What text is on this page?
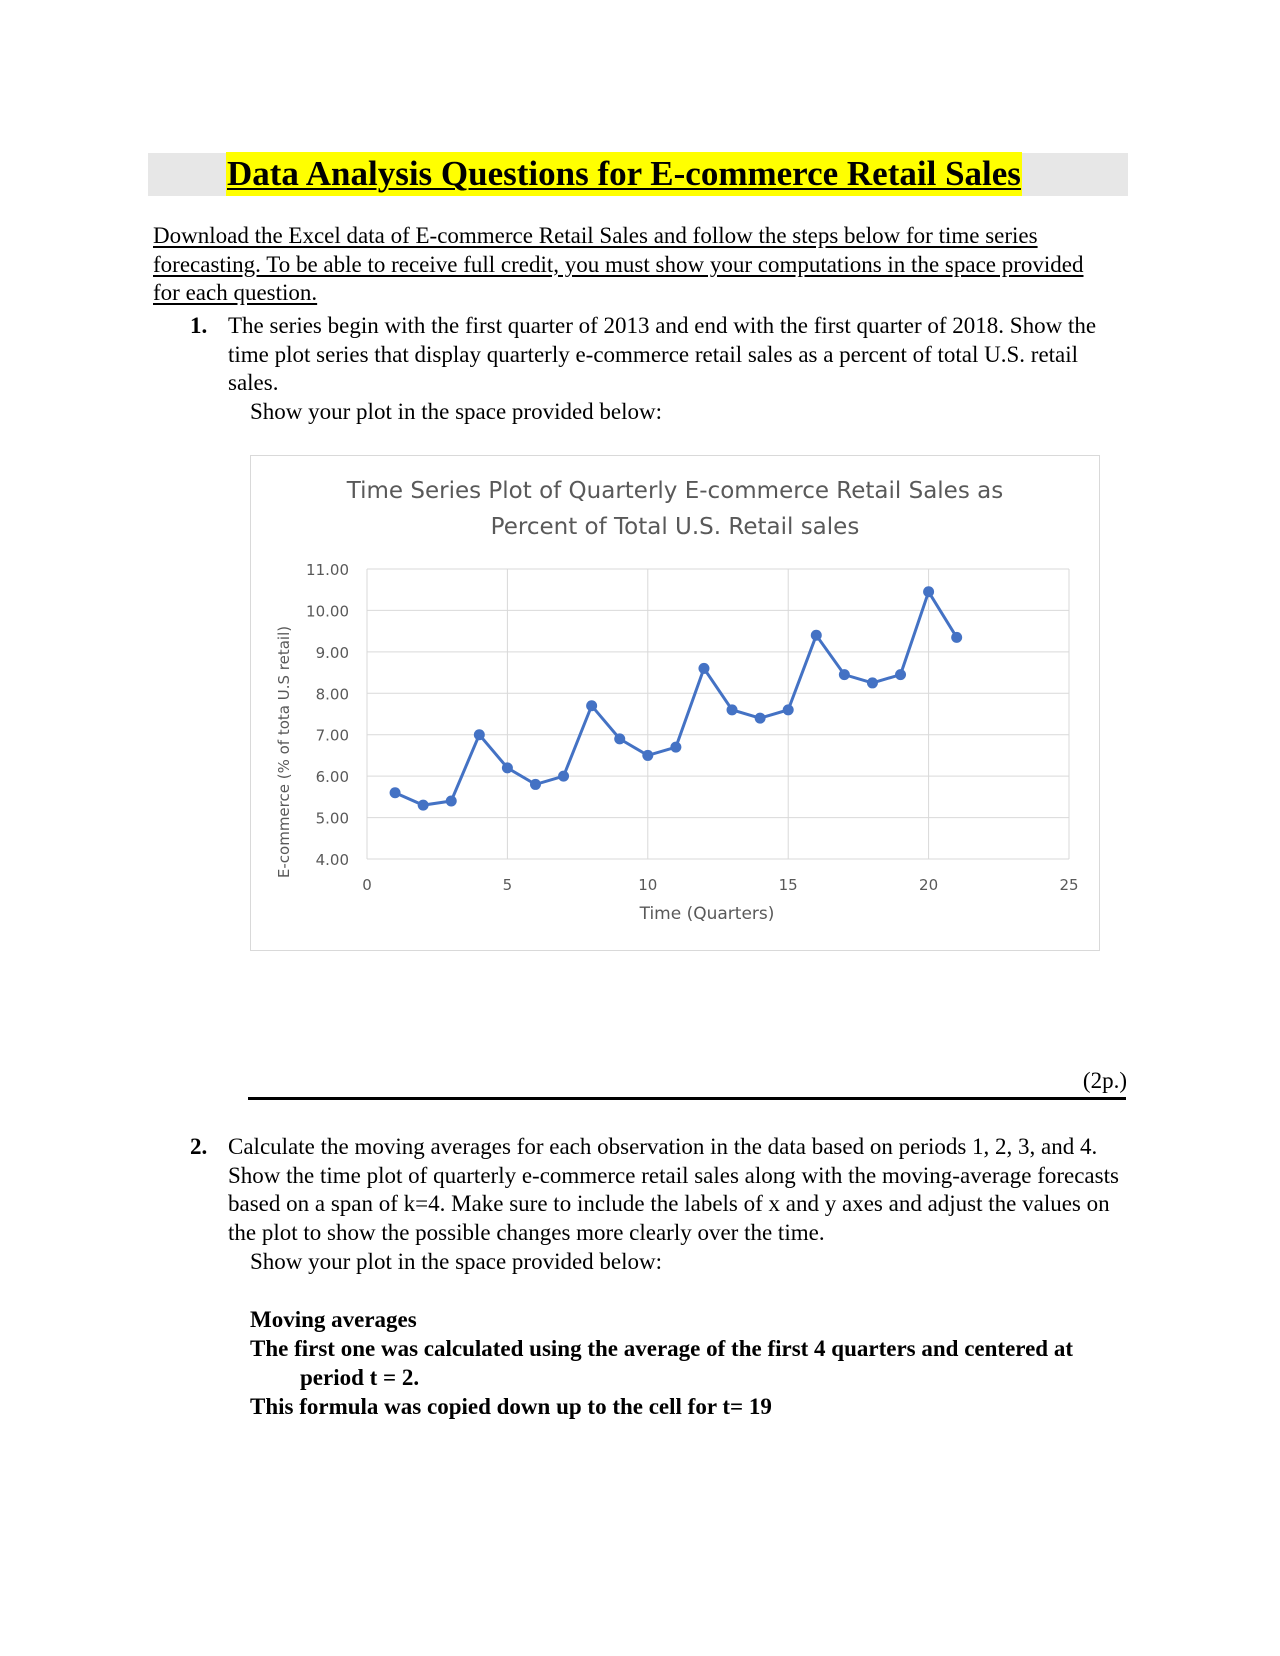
Data Analysis Questions for E-commerce Retail Sales

Download the Excel data of E-commerce Retail Sales and follow the steps below for time series forecasting. To be able to receive full credit, you must show your computations in the space provided for each question.

1. The series begin with the first quarter of 2013 and end with the first quarter of 2018. Show the time plot series that display quarterly e-commerce retail sales as a percent of total U.S. retail sales.

Show your plot in the space provided below:

Time Series Plot of Quarterly E-commerce Retail Sales as
Percent of Total U.S. Retail sales
4.00
5.00
6.00
7.00
8.00
9.00
10.00
11.00
0	5	10	15	20	25
Time (Quarters)
E-commerce (% of tota U.S retail)
(2p.)
2. Calculate the moving averages for each observation in the data based on periods 1, 2, 3, and 4. Show the time plot of quarterly e-commerce retail sales along with the moving-average forecasts based on a span of k=4. Make sure to include the labels of x and y axes and adjust the values on the plot to show the possible changes more clearly over the time.

Show your plot in the space provided below:

Moving averages
The first one was calculated using the average of the first 4 quarters and centered at
period t = 2.
This formula was copied down up to the cell for t= 19
